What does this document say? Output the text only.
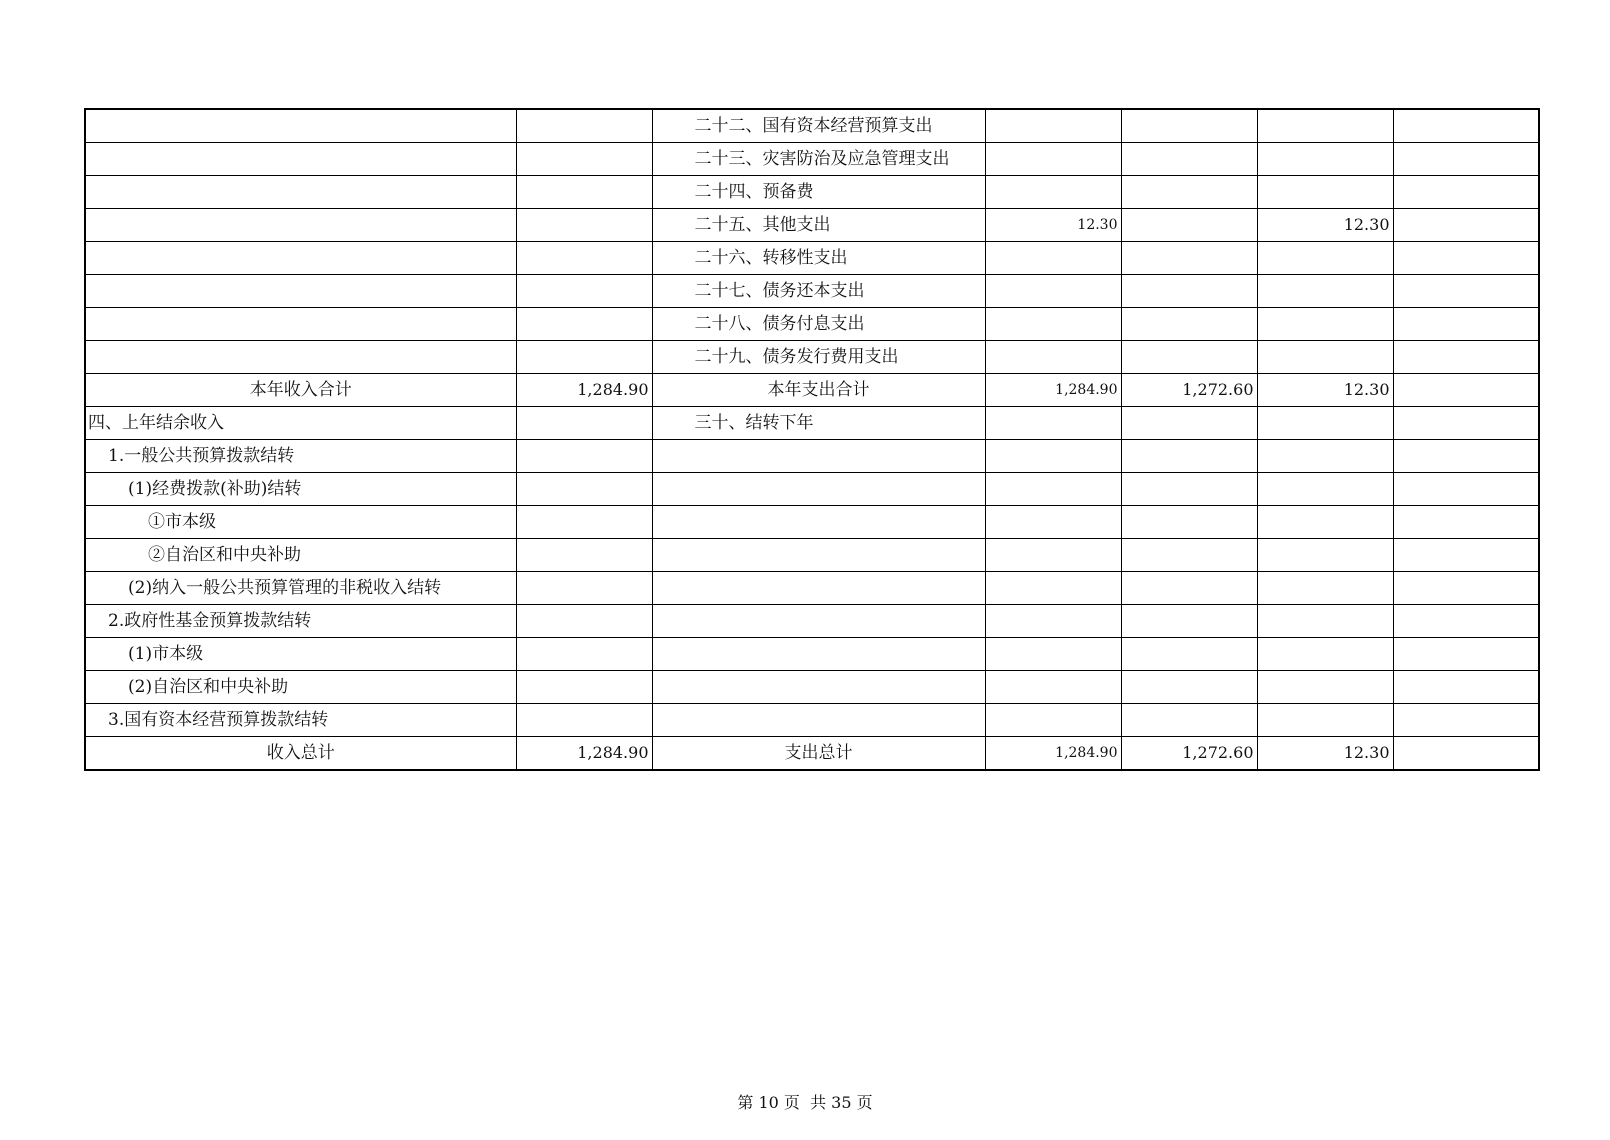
		二十二、国有资本经营预算支出				
		二十三、灾害防治及应急管理支出				
		二十四、预备费				
		二十五、其他支出	12.30		12.30	
		二十六、转移性支出				
		二十七、债务还本支出				
		二十八、债务付息支出				
		二十九、债务发行费用支出				
本年收入合计	1,284.90	本年支出合计	1,284.90	1,272.60	12.30	
四、上年结余收入		三十、结转下年				
1.一般公共预算拨款结转						
(1)经费拨款(补助)结转						
①市本级						
②自治区和中央补助						
(2)纳入一般公共预算管理的非税收入结转						
2.政府性基金预算拨款结转						
(1)市本级						
(2)自治区和中央补助						
3.国有资本经营预算拨款结转						
收入总计	1,284.90	支出总计	1,284.90	1,272.60	12.30	
第 10 页  共 35 页
